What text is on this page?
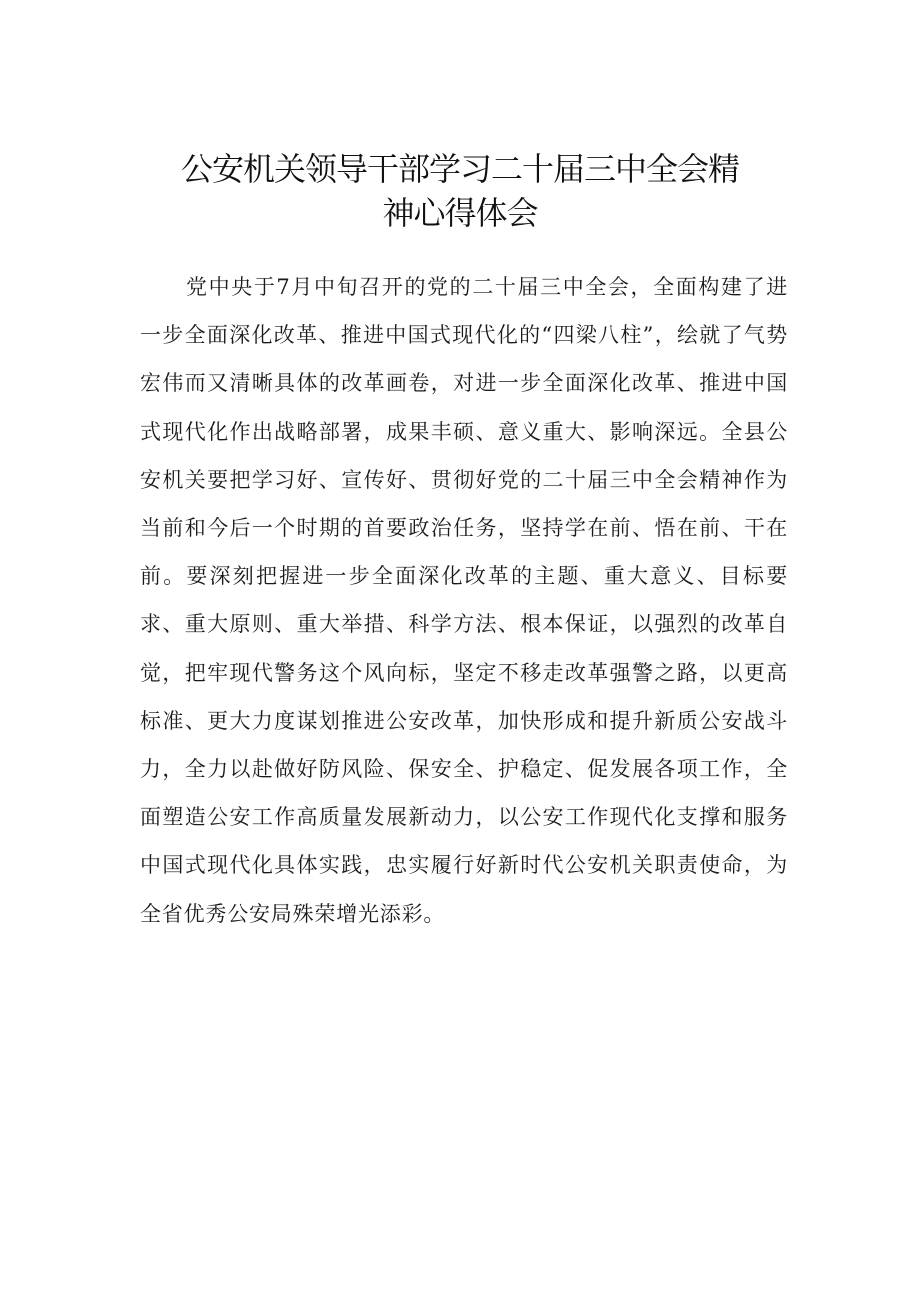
公安机关领导干部学习二十届三中全会精
神心得体会

党中央于7月中旬召开的党的二十届三中全会，全面构建了进一步全面深化改革、推进中国式现代化的“四梁八柱”，绘就了气势宏伟而又清晰具体的改革画卷，对进一步全面深化改革、推进中国式现代化作出战略部署，成果丰硕、意义重大、影响深远。全县公安机关要把学习好、宣传好、贯彻好党的二十届三中全会精神作为当前和今后一个时期的首要政治任务，坚持学在前、悟在前、干在前。要深刻把握进一步全面深化改革的主题、重大意义、目标要求、重大原则、重大举措、科学方法、根本保证，以强烈的改革自觉，把牢现代警务这个风向标，坚定不移走改革强警之路，以更高标准、更大力度谋划推进公安改革，加快形成和提升新质公安战斗力，全力以赴做好防风险、保安全、护稳定、促发展各项工作，全面塑造公安工作高质量发展新动力，以公安工作现代化支撑和服务中国式现代化具体实践，忠实履行好新时代公安机关职责使命，为全省优秀公安局殊荣增光添彩。
